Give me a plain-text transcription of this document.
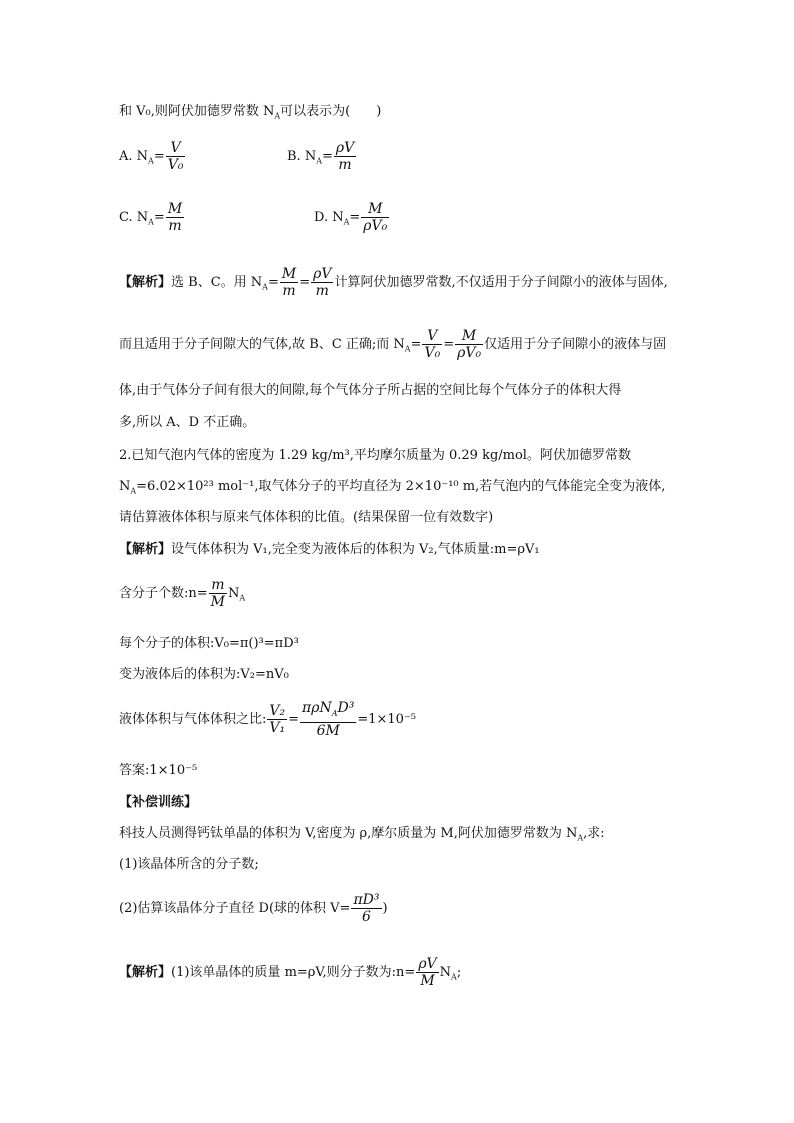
和 V₀,则阿伏加德罗常数 $N_A$可以表示为(　　)
A. $N_A= \frac{V}{\text{V₀}}$	B. $N_A= \frac{\rho V}{m}$
C. $N_A= \frac{M}{m}$	D. $N_A= \frac{M}{\text{ρV₀}}$
【解析】选 B、C。用 $N_A= \frac{M}{m} = \frac{\rho V}{m}$ 计算阿伏加德罗常数,不仅适用于分子间隙小的液体与固体,
而且适用于分子间隙大的气体,故 B、C 正确;而 $N_A= \frac{V}{\text{V₀}} = \frac{M}{\text{ρV₀}}$ 仅适用于分子间隙小的液体与固
体,由于气体分子间有很大的间隙,每个气体分子所占据的空间比每个气体分子的体积大得
多,所以 A、D 不正确。
2.已知气泡内气体的密度为 1.29 kg/m³,平均摩尔质量为 0.29 kg/mol。阿伏加德罗常数
$N_A=6.02\times 10^{23}$ mol⁻¹,取气体分子的平均直径为 2×10⁻¹⁰ m,若气泡内的气体能完全变为液体,
请估算液体体积与原来气体体积的比值。(结果保留一位有效数字)
【解析】设气体体积为 V₁,完全变为液体后的体积为 V₂,气体质量:m=ρV₁
含分子个数:n= $\frac{m}{M} N_A$
每个分子的体积:V₀=π()³=πD³
变为液体后的体积为:V₂=nV₀
液体体积与气体体积之比: $\frac{\text{V₂}}{\text{V₁}} = \frac{\pi\rho N_AD^3}{6M} =1\times 10^{-5}$
答案:1×10⁻⁵
【补偿训练】
科技人员测得钙钛单晶的体积为 V,密度为 ρ,摩尔质量为 M,阿伏加德罗常数为 $N_A$,求:
(1)该晶体所含的分子数;
(2)估算该晶体分子直径 D(球的体积 $V= \frac{\text{πD³}}{6}$ )
【解析】(1)该单晶体的质量 m=ρV,则分子数为:n= $\frac{\rho V}{M} N_A$;
